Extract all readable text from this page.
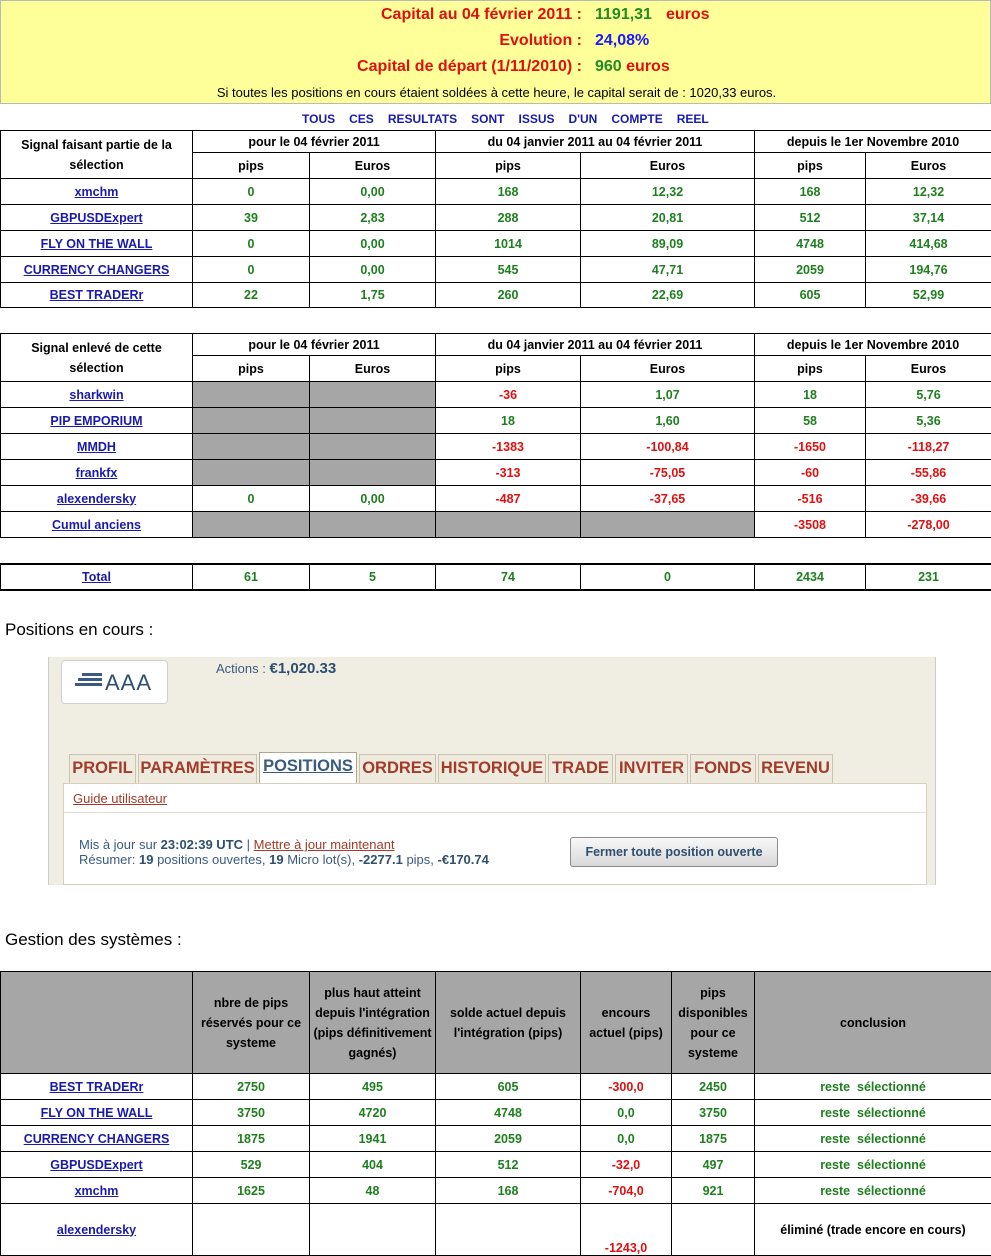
Capital au 04 février 2011 : 1191,31 euros
Evolution : 24,08%
Capital de départ (1/11/2010) : 960 euros
Si toutes les positions en cours étaient soldées à cette heure, le capital serait de : 1020,33 euros.
TOUS CES RESULTATS SONT ISSUS D'UN COMPTE REEL
Signal faisant partie de la sélection	pour le 04 février 2011		du 04 janvier 2011 au 04 février 2011		depuis le 1er Novembre 2010	
	pips	Euros	pips	Euros	pips	Euros
xmchm	0	0,00	168	12,32	168	12,32
GBPUSDExpert	39	2,83	288	20,81	512	37,14
FLY ON THE WALL	0	0,00	1014	89,09	4748	414,68
CURRENCY CHANGERS	0	0,00	545	47,71	2059	194,76
BEST TRADERr	22	1,75	260	22,69	605	52,99
Signal enlevé de cette sélection	pour le 04 février 2011		du 04 janvier 2011 au 04 février 2011		depuis le 1er Novembre 2010	
	pips	Euros	pips	Euros	pips	Euros
sharkwin			-36	1,07	18	5,76
PIP EMPORIUM			18	1,60	58	5,36
MMDH			-1383	-100,84	-1650	-118,27
frankfx			-313	-75,05	-60	-55,86
alexendersky	0	0,00	-487	-37,65	-516	-39,66
Cumul anciens					-3508	-278,00
Total	61	5	74	0	2434	231
Positions en cours :
AAA
Actions : €1,020.33
PROFIL PARAMÈTRES POSITIONS ORDRES HISTORIQUE TRADE INVITER FONDS REVENU
Guide utilisateur
Mis à jour sur 23:02:39 UTC | Mettre à jour maintenant
Résumer: 19 positions ouvertes, 19 Micro lot(s), -2277.1 pips, -€170.74	Fermer toute position ouverte
Gestion des systèmes :
	nbre de pips réservés pour ce systeme	plus haut atteint depuis l'intégration (pips définitivement gagnés)	solde actuel depuis l'intégration (pips)	encours actuel (pips)	pips disponibles pour ce systeme	conclusion
BEST TRADERr	2750	495	605	-300,0	2450	reste  sélectionné
FLY ON THE WALL	3750	4720	4748	0,0	3750	reste  sélectionné
CURRENCY CHANGERS	1875	1941	2059	0,0	1875	reste  sélectionné
GBPUSDExpert	529	404	512	-32,0	497	reste  sélectionné
xmchm	1625	48	168	-704,0	921	reste  sélectionné
alexendersky				-1243,0		éliminé (trade encore en cours)
